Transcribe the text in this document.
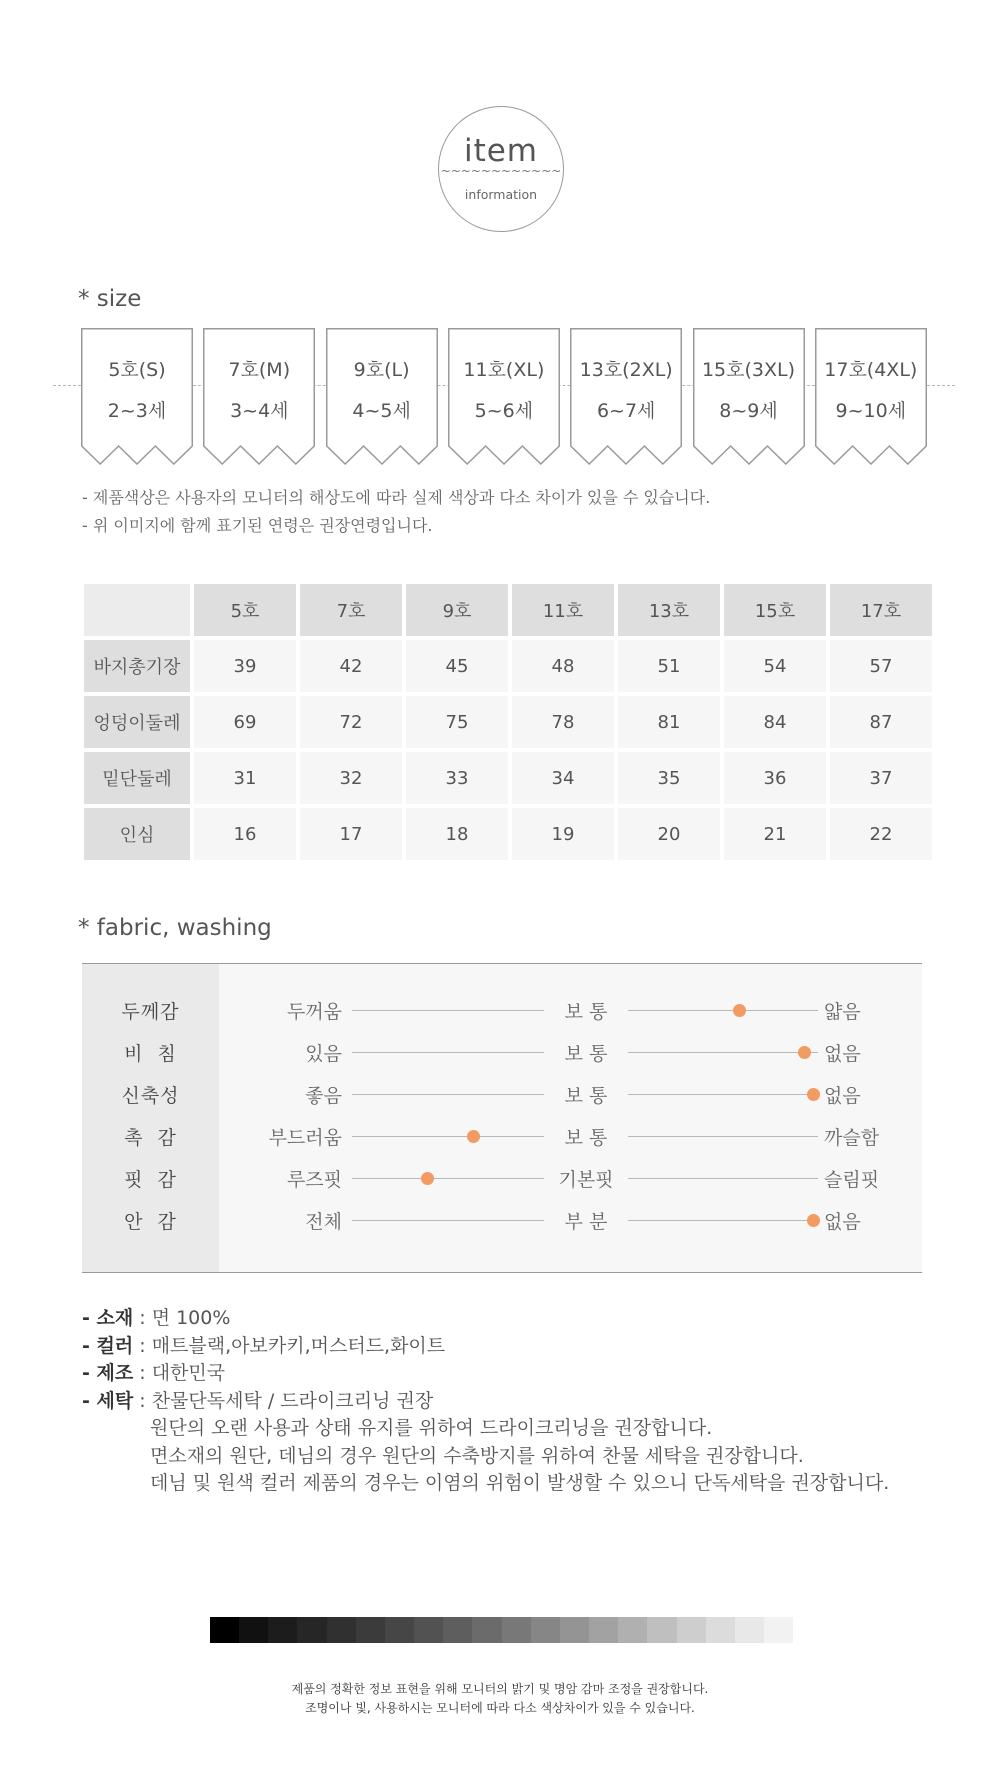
item
~~~~~~~~~~~~
information
* size
5호(S)
2~3세
7호(M)
3~4세
9호(L)
4~5세
11호(XL)
5~6세
13호(2XL)
6~7세
15호(3XL)
8~9세
17호(4XL)
9~10세
- 제품색상은 사용자의 모니터의 해상도에 따라 실제 색상과 다소 차이가 있을 수 있습니다.
- 위 이미지에 함께 표기된 연령은 권장연령입니다.
	5호	7호	9호	11호	13호	15호	17호
바지총기장	39	42	45	48	51	54	57
엉덩이둘레	69	72	75	78	81	84	87
밑단둘레	31	32	33	34	35	36	37
인심	16	17	18	19	20	21	22
* fabric, washing
두께감	두꺼움	보 통	얇음
비  침	있음	보 통	없음
신축성	좋음	보 통	없음
촉  감	부드러움	보 통	까슬함
핏  감	루즈핏	기본핏	슬림핏
안  감	전체	부 분	없음
- 소재 : 면 100%
- 컬러 : 매트블랙,아보카키,머스터드,화이트
- 제조 : 대한민국
- 세탁 : 찬물단독세탁 / 드라이크리닝 권장
원단의 오랜 사용과 상태 유지를 위하여 드라이크리닝을 권장합니다.
면소재의 원단, 데님의 경우 원단의 수축방지를 위하여 찬물 세탁을 권장합니다.
데님 및 원색 컬러 제품의 경우는 이염의 위험이 발생할 수 있으니 단독세탁을 권장합니다.
제품의 정확한 정보 표현을 위해 모니터의 밝기 및 명암 감마 조정을 권장합니다.
조명이나 빛, 사용하시는 모니터에 따라 다소 색상차이가 있을 수 있습니다.
